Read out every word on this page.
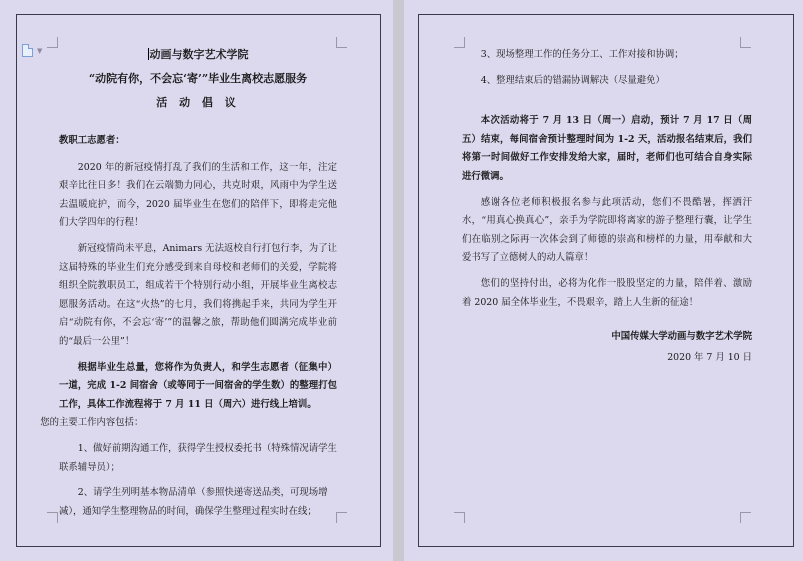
▼	动画与数字艺术学院

“动院有你，不会忘‘寄’”毕业生离校志愿服务

活 动 倡 议

教职工志愿者：

2020 年的新冠疫情打乱了我们的生活和工作，这一年，注定艰辛比往日多！我们在云端勠力同心，共克时艰，风雨中为学生送去温暖庇护，而今，2020 届毕业生在您们的陪伴下，即将走完他们大学四年的行程！

新冠疫情尚未平息，Animars 无法返校自行打包行李，为了让这届特殊的毕业生们充分感受到来自母校和老师们的关爱，学院将组织全院教职员工，组成若干个特别行动小组，开展毕业生离校志愿服务活动。在这“火热”的七月，我们将携起手来，共同为学生开启“动院有你，不会忘‘寄’”的温馨之旅，帮助他们圆满完成毕业前的“最后一公里”！

根据毕业生总量，您将作为负责人，和学生志愿者（征集中）一道，完成 1-2 间宿舍（或等同于一间宿舍的学生数）的整理打包工作，具体工作流程将于 7 月 11 日（周六）进行线上培训。
您的主要工作内容包括：

1、做好前期沟通工作，获得学生授权委托书（特殊情况请学生联系辅导员）；

2、请学生列明基本物品清单（参照快递寄送品类，可现场增减），通知学生整理物品的时间，确保学生整理过程实时在线；

3、现场整理工作的任务分工、工作对接和协调；

4、整理结束后的错漏协调解决（尽量避免）

本次活动将于 7 月 13 日（周一）启动，预计 7 月 17 日（周五）结束，每间宿舍预计整理时间为 1-2 天，活动报名结束后，我们将第一时间做好工作安排发给大家，届时，老师们也可结合自身实际进行微调。

感谢各位老师积极报名参与此项活动，您们不畏酷暑，挥洒汗水，“用真心换真心”，亲手为学院即将离家的游子整理行囊，让学生们在临别之际再一次体会到了师德的崇高和榜样的力量，用奉献和大爱书写了立德树人的动人篇章！

您们的坚持付出，必将为化作一股股坚定的力量，陪伴着、激励着 2020 届全体毕业生，不畏艰辛，踏上人生新的征途！

中国传媒大学动画与数字艺术学院

2020 年 7 月 10 日
